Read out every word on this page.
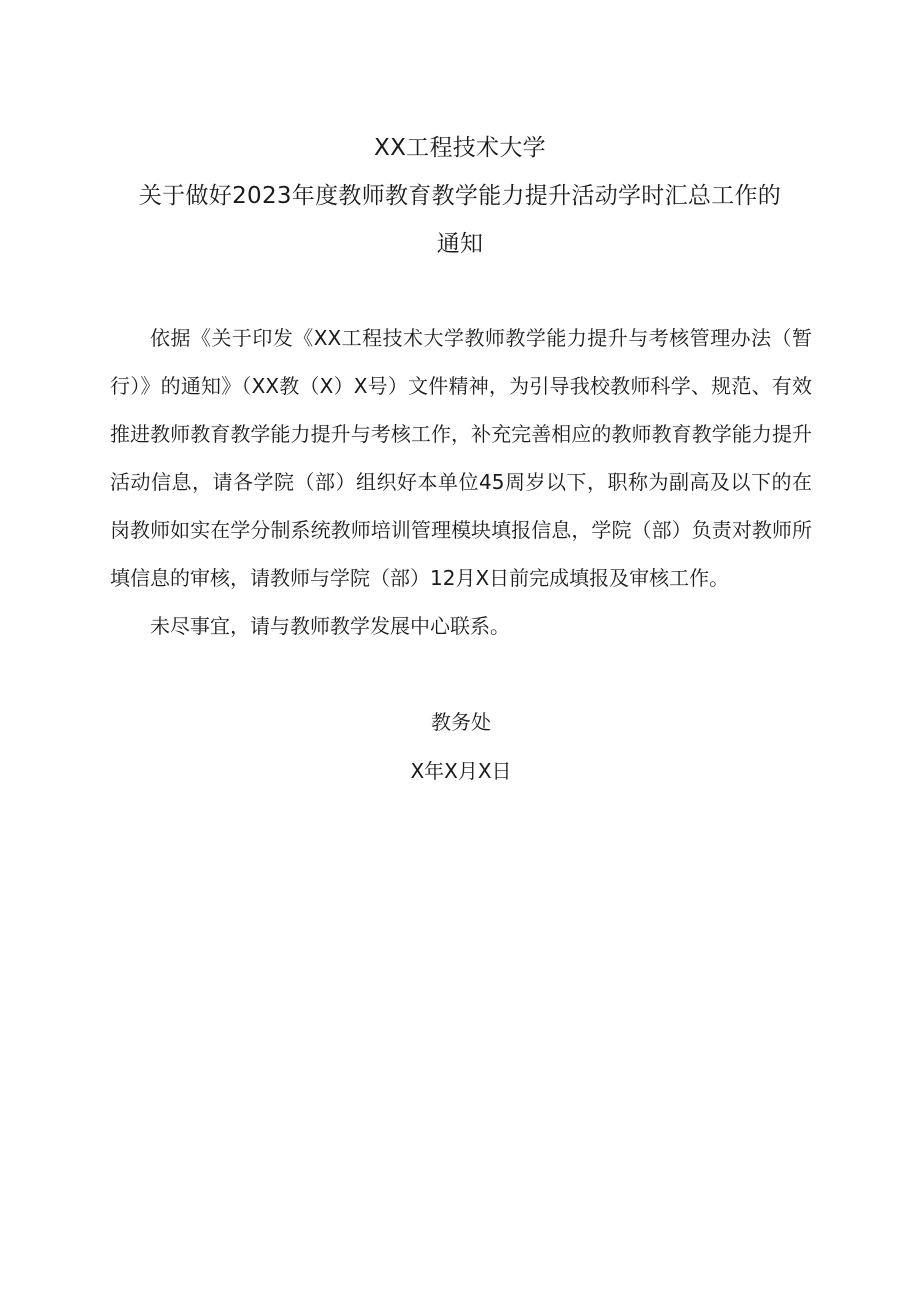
XX工程技术大学
关于做好2023年度教师教育教学能力提升活动学时汇总工作的
通知

依据《关于印发《XX工程技术大学教师教学能力提升与考核管理办法（暂行）》的通知》（XX教（X）X号）文件精神，为引导我校教师科学、规范、有效推进教师教育教学能力提升与考核工作，补充完善相应的教师教育教学能力提升活动信息，请各学院（部）组织好本单位45周岁以下，职称为副高及以下的在岗教师如实在学分制系统教师培训管理模块填报信息，学院（部）负责对教师所填信息的审核，请教师与学院（部）12月X日前完成填报及审核工作。

未尽事宜，请与教师教学发展中心联系。

教务处
X年X月X日
